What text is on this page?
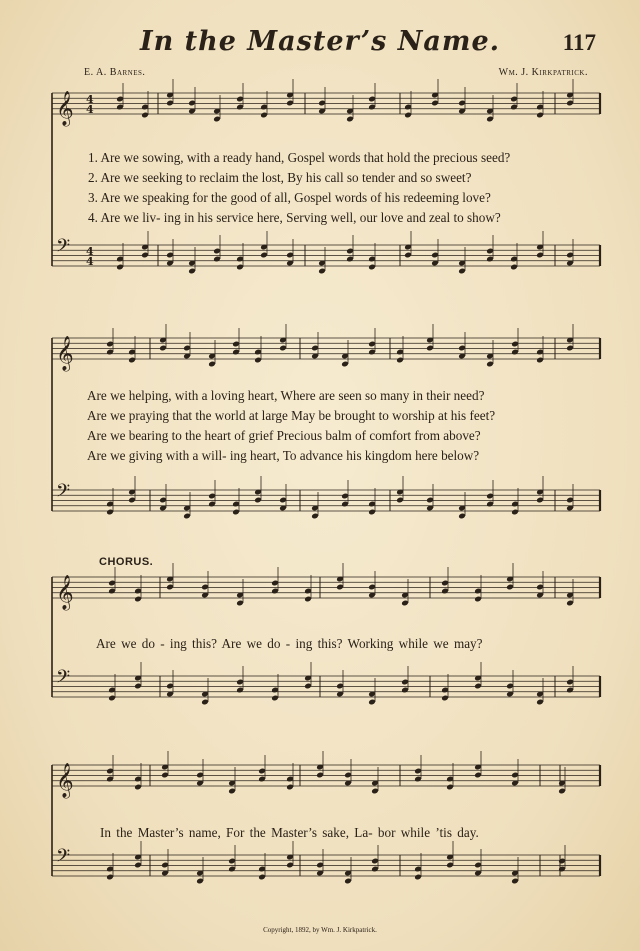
In the Master’s Name.	117
E. A. Barnes.	Wm. J. Kirkpatrick.
𝄞 4
4
𝄢 4
4
𝄞
𝄢
𝄞
𝄢
𝄞
𝄢
1. Are we sowing, with a ready hand, Gospel words that hold the precious seed?
2. Are we seeking to reclaim the lost, By his call so tender and so sweet?
3. Are we speaking for the good of all, Gospel words of his redeeming love?
4. Are we liv- ing in his service here, Serving well, our love and zeal to show?
Are we helping, with a loving heart, Where are seen so many in their need?
Are we praying that the world at large May be brought to worship at his feet?
Are we bearing to the heart of grief Precious balm of comfort from above?
Are we giving with a will- ing heart, To advance his kingdom here below?
CHORUS.
Are we do - ing this? Are we do - ing this? Working while we may?
In the Master’s name, For the Master’s sake, La- bor while ’tis day.
Copyright, 1892, by Wm. J. Kirkpatrick.
